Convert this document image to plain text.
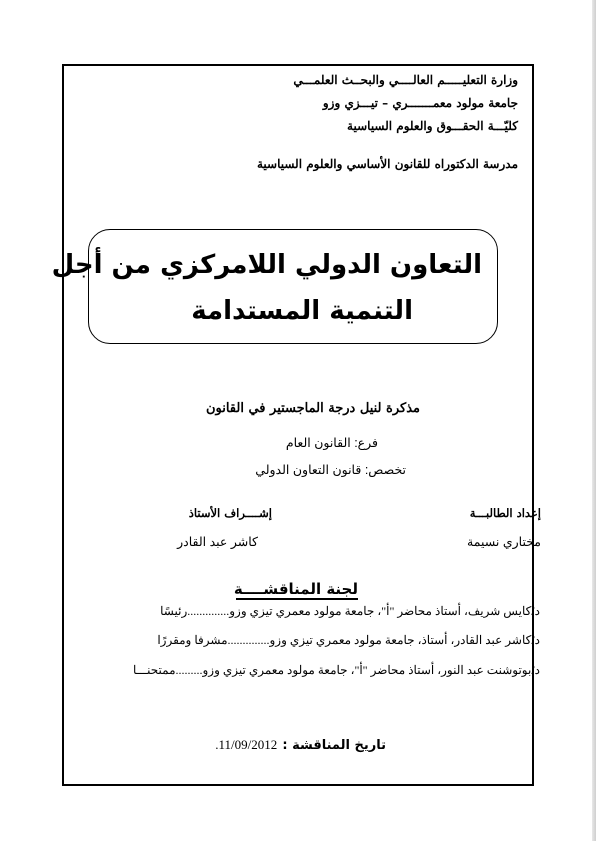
وزارة التعليـــــم العالــــي والبحــث العلمـــي
جامعة مولود معمـــــــري – تيـــزي وزو
كليّـــة الحقـــوق والعلوم السياسية
مدرسة الدكتوراه للقانون الأساسي والعلوم السياسية
التعاون الدولي اللامركزي من أجل
التنمية المستدامة
مذكرة لنيل درجة الماجستير في القانون
فرع: القانون العام
تخصص: قانون التعاون الدولي
إعداد الطالبـــة
مختاري نسيمة
إشــــراف الأستاذ
كاشر عبد القادر
لجنة المناقشــــة
د/كايس شريف، أستاذ محاضر "أ"، جامعة مولود معمري تيزي وزو..............رئيسًا
د/كاشر عبد القادر، أستاذ، جامعة مولود معمري تيزي وزو..............مشرفا ومقررًا
د/بوتوشنت عبد النور، أستاذ محاضر "أ"، جامعة مولود معمري تيزي وزو.........ممتحنـــا
تاريخ المناقشة : 11/09/2012.
